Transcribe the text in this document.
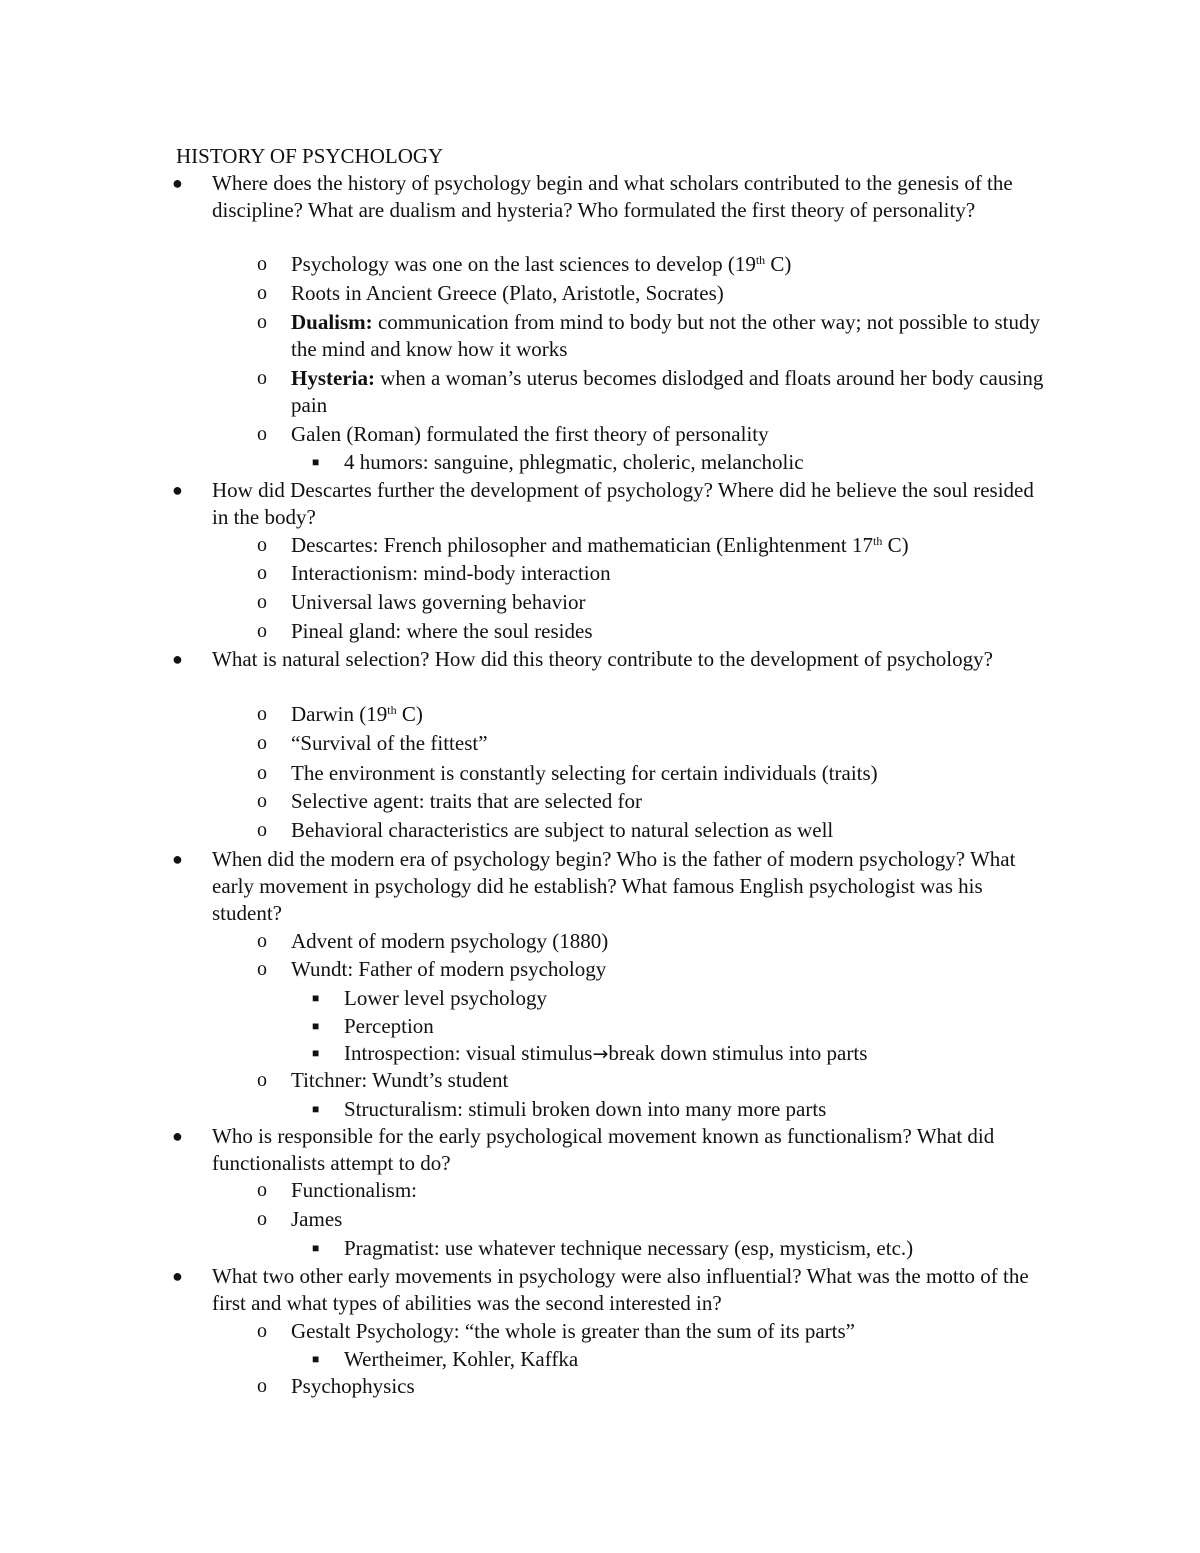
HISTORY OF PSYCHOLOGY
● Where does the history of psychology begin and what scholars contributed to the genesis of the discipline? What are dualism and hysteria? Who formulated the first theory of personality?
o Psychology was one on the last sciences to develop (19th C)
o Roots in Ancient Greece (Plato, Aristotle, Socrates)
o Dualism: communication from mind to body but not the other way; not possible to study the mind and know how it works
o Hysteria: when a woman’s uterus becomes dislodged and floats around her body causing pain
o Galen (Roman) formulated the first theory of personality
■ 4 humors: sanguine, phlegmatic, choleric, melancholic
● How did Descartes further the development of psychology? Where did he believe the soul resided in the body?
o Descartes: French philosopher and mathematician (Enlightenment 17th C)
o Interactionism: mind-body interaction
o Universal laws governing behavior
o Pineal gland: where the soul resides
● What is natural selection? How did this theory contribute to the development of psychology?
o Darwin (19th C)
o “Survival of the fittest”
o The environment is constantly selecting for certain individuals (traits)
o Selective agent: traits that are selected for
o Behavioral characteristics are subject to natural selection as well
● When did the modern era of psychology begin? Who is the father of modern psychology? What early movement in psychology did he establish? What famous English psychologist was his student?
o Advent of modern psychology (1880)
o Wundt: Father of modern psychology
■ Lower level psychology
■ Perception
■ Introspection: visual stimulus→break down stimulus into parts
o Titchner: Wundt’s student
■ Structuralism: stimuli broken down into many more parts
● Who is responsible for the early psychological movement known as functionalism? What did functionalists attempt to do?
o Functionalism:
o James
■ Pragmatist: use whatever technique necessary (esp, mysticism, etc.)
● What two other early movements in psychology were also influential? What was the motto of the first and what types of abilities was the second interested in?
o Gestalt Psychology: “the whole is greater than the sum of its parts”
■ Wertheimer, Kohler, Kaffka
o Psychophysics
